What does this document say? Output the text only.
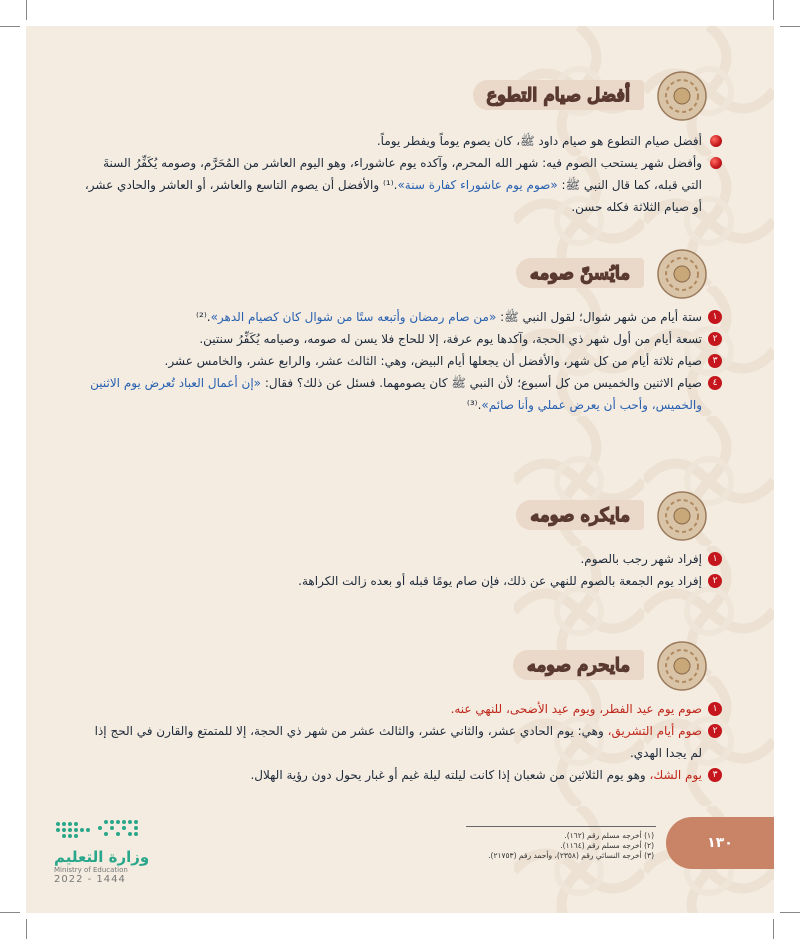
أفضل صيام التطوع
أفضل صيام التطوع هو صيام داود ﷺ، كان يصوم يوماً ويفطر يوماً.
وأفضل شهر يستحب الصوم فيه: شهر الله المحرم، وآكده يوم عاشوراء، وهو اليوم العاشر من المُحَرَّم، وصومه يُكَفِّرُ السنةَ التي قبله، كما قال النبي ﷺ: «صوم يوم عاشوراء كفارة سنة».⁽¹⁾ والأفضل أن يصوم التاسع والعاشر، أو العاشر والحادي عشر، أو صيام الثلاثة فكله حسن.
مايُسنّ صومه
١
ستة أيام من شهر شوال؛ لقول النبي ﷺ: «من صام رمضان وأتبعه ستًا من شوال كان كصيام الدهر».⁽²⁾
٢
تسعة أيام من أول شهر ذي الحجة، وآكدها يوم عرفة، إلا للحاج فلا يسن له صومه، وصيامه يُكَفِّرُ سنتين.
٣
صيام ثلاثة أيام من كل شهر، والأفضل أن يجعلها أيام البيض، وهي: الثالث عشر، والرابع عشر، والخامس عشر.
٤
صيام الاثنين والخميس من كل أسبوع؛ لأن النبي ﷺ كان يصومهما. فسئل عن ذلك؟ فقال: «إن أعمال العباد تُعرض يوم الاثنين والخميس، وأحب أن يعرض عملي وأنا صائم».⁽³⁾
مايكره صومه
١
إفراد شهر رجب بالصوم.
٢
إفراد يوم الجمعة بالصوم للنهي عن ذلك، فإن صام يومًا قبله أو بعده زالت الكراهة.
مايحرم صومه
١
صوم يوم عيد الفطر، ويوم عيد الأضحى، للنهي عنه.
٢
صوم أيام التشريق، وهي: يوم الحادي عشر، والثاني عشر، والثالث عشر من شهر ذي الحجة، إلا للمتمتع والقارن في الحج إذا لم يجدا الهدي.
٣
يوم الشك، وهو يوم الثلاثين من شعبان إذا كانت ليلته ليلة غيم أو غبار يحول دون رؤية الهلال.
(١) أخرجه مسلم رقم (١٦٢).
(٢) أخرجه مسلم رقم (١١٦٤).
(٣) أخرجه النسائي رقم (٢٣٥٨)، وأحمد رقم (٢١٧٥٣).
١٣٠
وزارة التعليم
Ministry of Education
2022 - 1444
